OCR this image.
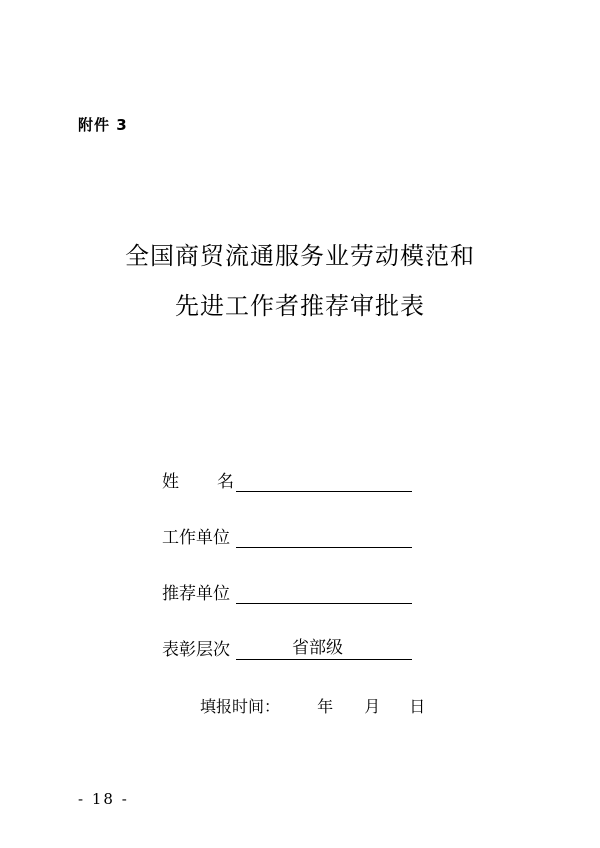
附件 3
全国商贸流通服务业劳动模范和
先进工作者推荐审批表
姓 名
工作单位
推荐单位
表彰层次	省部级
填报时间： 年 月 日
- 18 -
